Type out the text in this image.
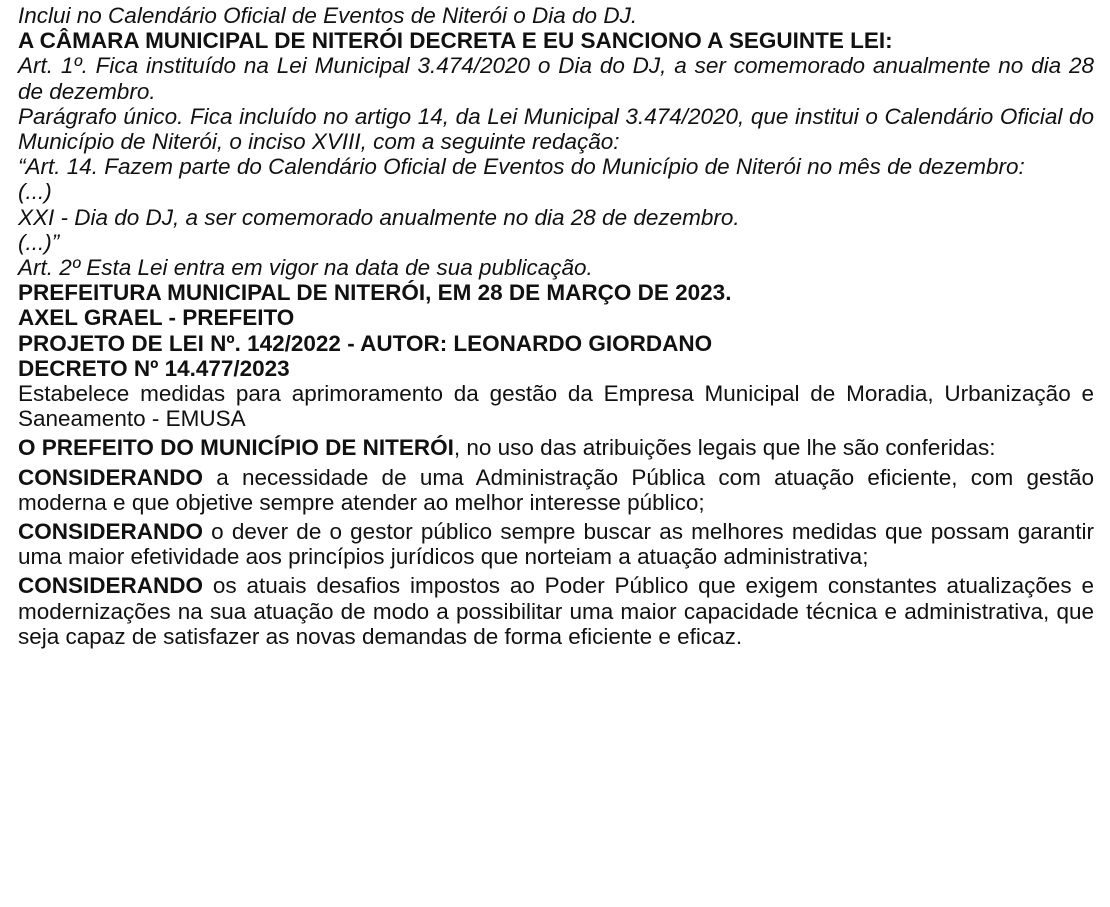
Inclui no Calendário Oficial de Eventos de Niterói o Dia do DJ.

A CÂMARA MUNICIPAL DE NITERÓI DECRETA E EU SANCIONO A SEGUINTE LEI:

Art. 1º. Fica instituído na Lei Municipal 3.474/2020 o Dia do DJ, a ser comemorado anualmente no dia 28 de dezembro.

Parágrafo único. Fica incluído no artigo 14, da Lei Municipal 3.474/2020, que institui o Calendário Oficial do Município de Niterói, o inciso XVIII, com a seguinte redação:

“Art. 14. Fazem parte do Calendário Oficial de Eventos do Município de Niterói no mês de dezembro:

(...)

XXI - Dia do DJ, a ser comemorado anualmente no dia 28 de dezembro.

(...)”

Art. 2º Esta Lei entra em vigor na data de sua publicação.

PREFEITURA MUNICIPAL DE NITERÓI, EM 28 DE MARÇO DE 2023.

AXEL GRAEL - PREFEITO

PROJETO DE LEI Nº. 142/2022 - AUTOR: LEONARDO GIORDANO

DECRETO Nº 14.477/2023

Estabelece medidas para aprimoramento da gestão da Empresa Municipal de Moradia, Urbanização e Saneamento - EMUSA

O PREFEITO DO MUNICÍPIO DE NITERÓI, no uso das atribuições legais que lhe são conferidas:

CONSIDERANDO a necessidade de uma Administração Pública com atuação eficiente, com gestão moderna e que objetive sempre atender ao melhor interesse público;

CONSIDERANDO o dever de o gestor público sempre buscar as melhores medidas que possam garantir uma maior efetividade aos princípios jurídicos que norteiam a atuação administrativa;

CONSIDERANDO os atuais desafios impostos ao Poder Público que exigem constantes atualizações e modernizações na sua atuação de modo a possibilitar uma maior capacidade técnica e administrativa, que seja capaz de satisfazer as novas demandas de forma eficiente e eficaz.
